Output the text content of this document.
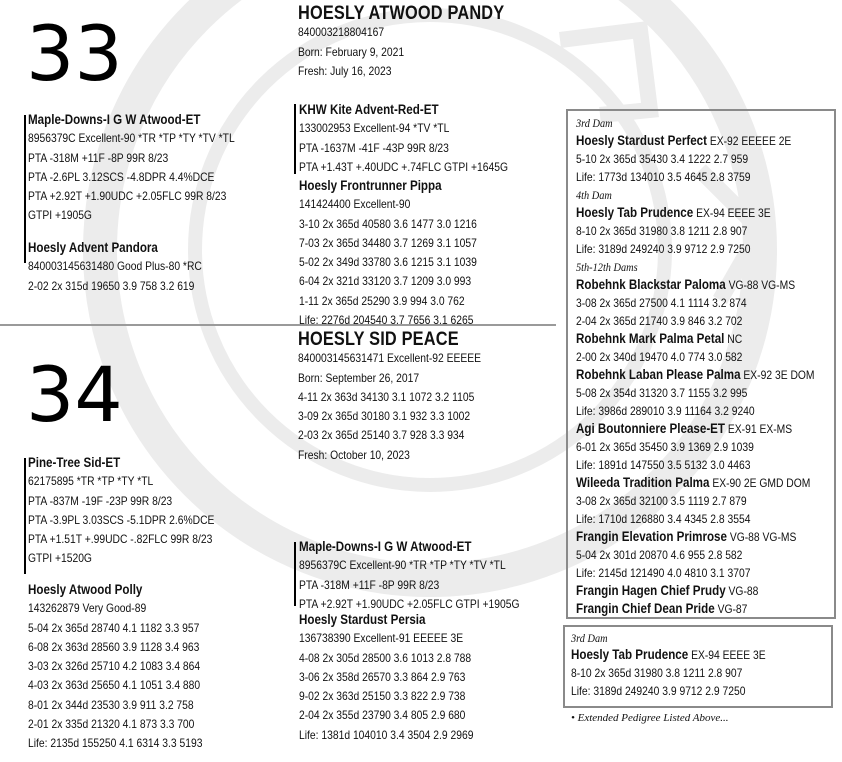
33	HOESLY ATWOOD PANDY
840003218804167
Born: February 9, 2021
Fresh: July 16, 2023
Maple-Downs-I G W Atwood-ET
8956379C Excellent-90 *TR *TP *TY *TV *TL
PTA -318M +11F -8P 99R 8/23
PTA -2.6PL 3.12SCS -4.8DPR 4.4%DCE
PTA +2.92T +1.90UDC +2.05FLC 99R 8/23
GTPI +1905G
Hoesly Advent Pandora
840003145631480 Good Plus-80 *RC
2-02 2x 315d 19650 3.9 758 3.2 619
KHW Kite Advent-Red-ET
133002953 Excellent-94 *TV *TL
PTA -1637M -41F -43P 99R 8/23
PTA +1.43T +.40UDC +.74FLC GTPI +1645G
Hoesly Frontrunner Pippa
141424400 Excellent-90
3-10 2x 365d 40580 3.6 1477 3.0 1216
7-03 2x 365d 34480 3.7 1269 3.1 1057
5-02 2x 349d 33780 3.6 1215 3.1 1039
6-04 2x 321d 33120 3.7 1209 3.0 993
1-11 2x 365d 25290 3.9 994 3.0 762
Life: 2276d 204540 3.7 7656 3.1 6265
3rd Dam
Hoesly Stardust Perfect EX-92 EEEEE 2E
5-10 2x 365d 35430 3.4 1222 2.7 959
Life: 1773d 134010 3.5 4645 2.8 3759
4th Dam
Hoesly Tab Prudence EX-94 EEEE 3E
8-10 2x 365d 31980 3.8 1211 2.8 907
Life: 3189d 249240 3.9 9712 2.9 7250
5th-12th Dams
Robehnk Blackstar Paloma VG-88 VG-MS
3-08 2x 365d 27500 4.1 1114 3.2 874
2-04 2x 365d 21740 3.9 846 3.2 702
Robehnk Mark Palma Petal NC
2-00 2x 340d 19470 4.0 774 3.0 582
Robehnk Laban Please Palma EX-92 3E DOM
5-08 2x 354d 31320 3.7 1155 3.2 995
Life: 3986d 289010 3.9 11164 3.2 9240
Agi Boutonniere Please-ET EX-91 EX-MS
6-01 2x 365d 35450 3.9 1369 2.9 1039
Life: 1891d 147550 3.5 5132 3.0 4463
Wileeda Tradition Palma EX-90 2E GMD DOM
3-08 2x 365d 32100 3.5 1119 2.7 879
Life: 1710d 126880 3.4 4345 2.8 3554
Frangin Elevation Primrose VG-88 VG-MS
5-04 2x 301d 20870 4.6 955 2.8 582
Life: 2145d 121490 4.0 4810 3.1 3707
Frangin Hagen Chief Prudy VG-88
Frangin Chief Dean Pride VG-87
34
HOESLY SID PEACE
840003145631471 Excellent-92 EEEEE
Born: September 26, 2017
4-11 2x 363d 34130 3.1 1072 3.2 1105
3-09 2x 365d 30180 3.1 932 3.3 1002
2-03 2x 365d 25140 3.7 928 3.3 934
Fresh: October 10, 2023
Pine-Tree Sid-ET
62175895 *TR *TP *TY *TL
PTA -837M -19F -23P 99R 8/23
PTA -3.9PL 3.03SCS -5.1DPR 2.6%DCE
PTA +1.51T +.99UDC -.82FLC 99R 8/23
GTPI +1520G
Hoesly Atwood Polly
143262879 Very Good-89
5-04 2x 365d 28740 4.1 1182 3.3 957
6-08 2x 363d 28560 3.9 1128 3.4 963
3-03 2x 326d 25710 4.2 1083 3.4 864
4-03 2x 363d 25650 4.1 1051 3.4 880
8-01 2x 344d 23530 3.9 911 3.2 758
2-01 2x 335d 21320 4.1 873 3.3 700
Life: 2135d 155250 4.1 6314 3.3 5193
Maple-Downs-I G W Atwood-ET
8956379C Excellent-90 *TR *TP *TY *TV *TL
PTA -318M +11F -8P 99R 8/23
PTA +2.92T +1.90UDC +2.05FLC GTPI +1905G
Hoesly Stardust Persia
136738390 Excellent-91 EEEEE 3E
4-08 2x 305d 28500 3.6 1013 2.8 788
3-06 2x 358d 26570 3.3 864 2.9 763
9-02 2x 363d 25150 3.3 822 2.9 738
2-04 2x 355d 23790 3.4 805 2.9 680
Life: 1381d 104010 3.4 3504 2.9 2969
3rd Dam
Hoesly Tab Prudence EX-94 EEEE 3E
8-10 2x 365d 31980 3.8 1211 2.8 907
Life: 3189d 249240 3.9 9712 2.9 7250
• Extended Pedigree Listed Above...
